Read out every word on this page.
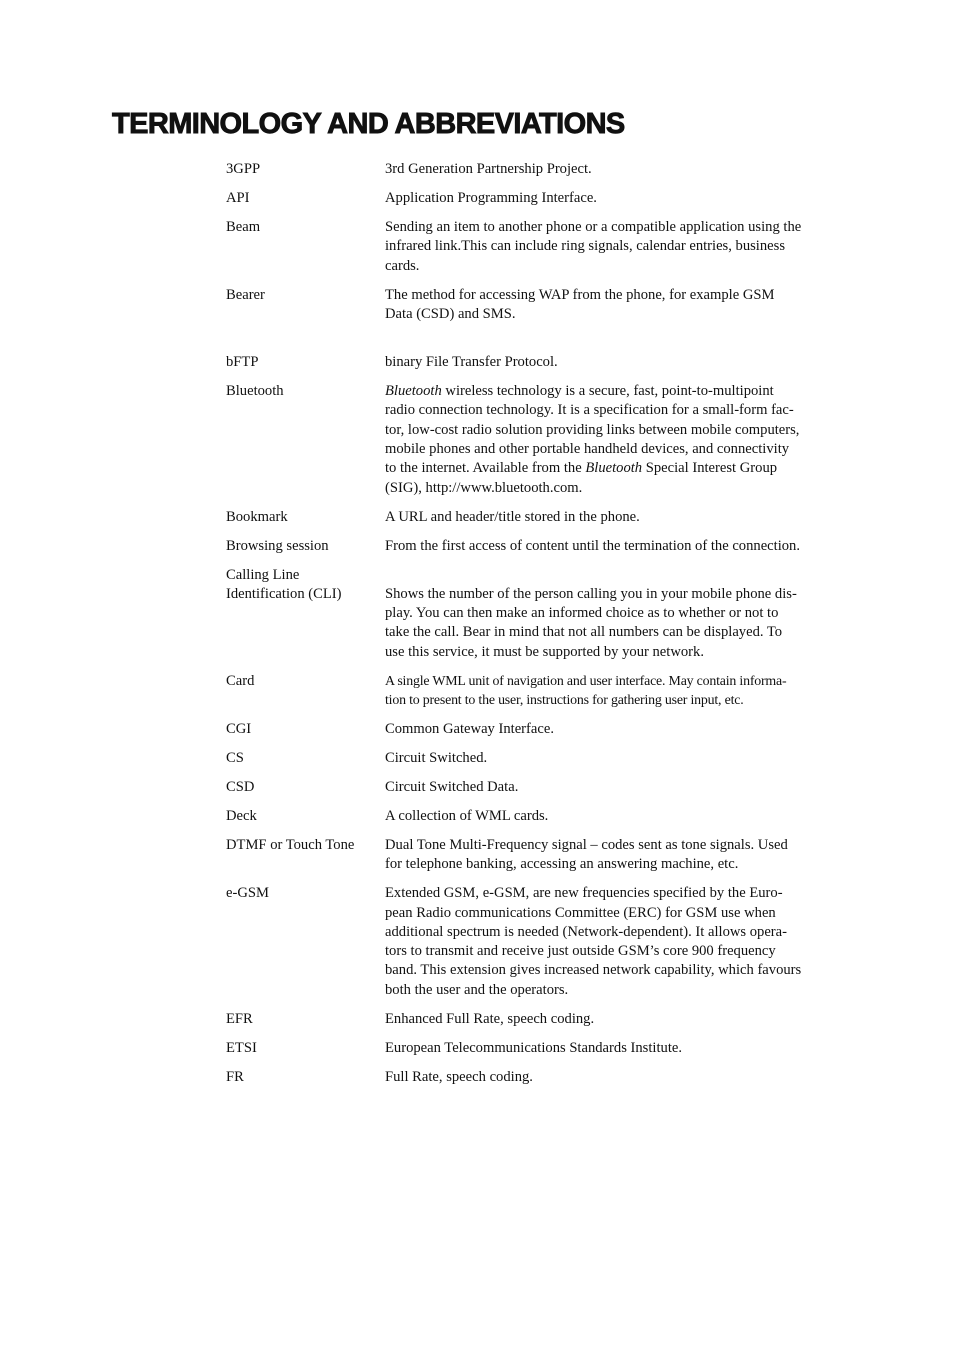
TERMINOLOGY AND ABBREVIATIONS
3GPP	3rd Generation Partnership Project.
API	Application Programming Interface.
Beam	Sending an item to another phone or a compatible application using the
infrared link.This can include ring signals, calendar entries, business
cards.
Bearer	The method for accessing WAP from the phone, for example GSM
Data (CSD) and SMS.
bFTP	binary File Transfer Protocol.
Bluetooth	Bluetooth wireless technology is a secure, fast, point-to-multipoint
radio connection technology. It is a specification for a small-form fac-
tor, low-cost radio solution providing links between mobile computers,
mobile phones and other portable handheld devices, and connectivity
to the internet. Available from the Bluetooth Special Interest Group
(SIG), http://www.bluetooth.com.
Bookmark	A URL and header/title stored in the phone.
Browsing session	From the first access of content until the termination of the connection.
Calling Line
Identification (CLI)	Shows the number of the person calling you in your mobile phone dis-
play. You can then make an informed choice as to whether or not to
take the call. Bear in mind that not all numbers can be displayed. To
use this service, it must be supported by your network.
Card	A single WML unit of navigation and user interface. May contain informa-
tion to present to the user, instructions for gathering user input, etc.
CGI	Common Gateway Interface.
CS	Circuit Switched.
CSD	Circuit Switched Data.
Deck	A collection of WML cards.
DTMF or Touch Tone	Dual Tone Multi-Frequency signal – codes sent as tone signals. Used
for telephone banking, accessing an answering machine, etc.
e-GSM	Extended GSM, e-GSM, are new frequencies specified by the Euro-
pean Radio communications Committee (ERC) for GSM use when
additional spectrum is needed (Network-dependent). It allows opera-
tors to transmit and receive just outside GSM’s core 900 frequency
band. This extension gives increased network capability, which favours
both the user and the operators.
EFR	Enhanced Full Rate, speech coding.
ETSI	European Telecommunications Standards Institute.
FR	Full Rate, speech coding.
